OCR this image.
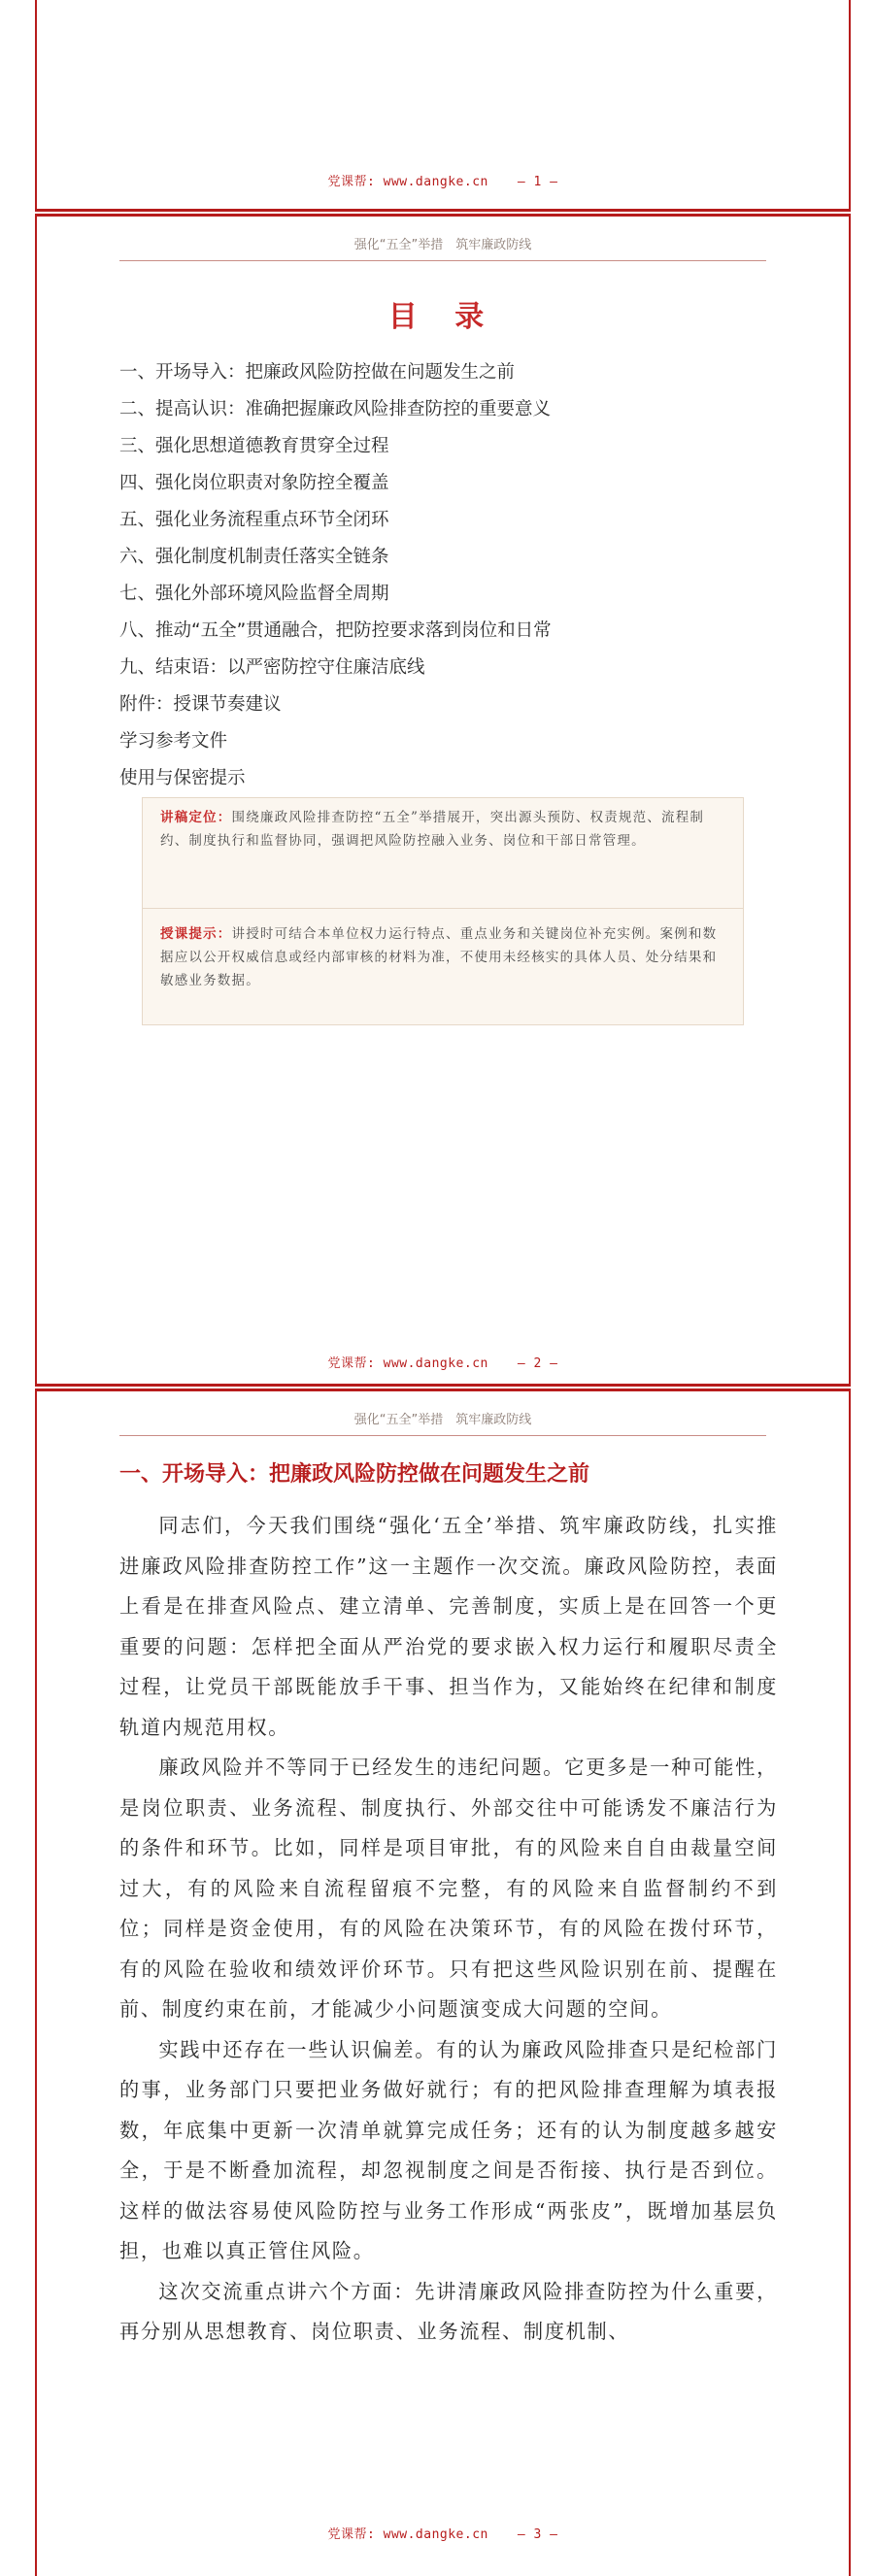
党课帮: www.dangke.cn — 1 —
强化“五全”举措　筑牢廉政防线
目 录
一、开场导入：把廉政风险防控做在问题发生之前
二、提高认识：准确把握廉政风险排查防控的重要意义
三、强化思想道德教育贯穿全过程
四、强化岗位职责对象防控全覆盖
五、强化业务流程重点环节全闭环
六、强化制度机制责任落实全链条
七、强化外部环境风险监督全周期
八、推动“五全”贯通融合，把防控要求落到岗位和日常
九、结束语：以严密防控守住廉洁底线
附件：授课节奏建议
学习参考文件
使用与保密提示
讲稿定位：围绕廉政风险排查防控“五全”举措展开，突出源头预防、权责规范、流程制约、制度执行和监督协同，强调把风险防控融入业务、岗位和干部日常管理。
授课提示：讲授时可结合本单位权力运行特点、重点业务和关键岗位补充实例。案例和数据应以公开权威信息或经内部审核的材料为准，不使用未经核实的具体人员、处分结果和敏感业务数据。
党课帮: www.dangke.cn — 2 —
强化“五全”举措　筑牢廉政防线
一、开场导入：把廉政风险防控做在问题发生之前

同志们，今天我们围绕“强化‘五全’举措、筑牢廉政防线，扎实推进廉政风险排查防控工作”这一主题作一次交流。廉政风险防控，表面上看是在排查风险点、建立清单、完善制度，实质上是在回答一个更重要的问题：怎样把全面从严治党的要求嵌入权力运行和履职尽责全过程，让党员干部既能放手干事、担当作为，又能始终在纪律和制度轨道内规范用权。

廉政风险并不等同于已经发生的违纪问题。它更多是一种可能性，是岗位职责、业务流程、制度执行、外部交往中可能诱发不廉洁行为的条件和环节。比如，同样是项目审批，有的风险来自自由裁量空间过大，有的风险来自流程留痕不完整，有的风险来自监督制约不到位；同样是资金使用，有的风险在决策环节，有的风险在拨付环节，有的风险在验收和绩效评价环节。只有把这些风险识别在前、提醒在前、制度约束在前，才能减少小问题演变成大问题的空间。

实践中还存在一些认识偏差。有的认为廉政风险排查只是纪检部门的事，业务部门只要把业务做好就行；有的把风险排查理解为填表报数，年底集中更新一次清单就算完成任务；还有的认为制度越多越安全，于是不断叠加流程，却忽视制度之间是否衔接、执行是否到位。这样的做法容易使风险防控与业务工作形成“两张皮”，既增加基层负担，也难以真正管住风险。

这次交流重点讲六个方面：先讲清廉政风险排查防控为什么重要，再分别从思想教育、岗位职责、业务流程、制度机制、

党课帮: www.dangke.cn — 3 —
